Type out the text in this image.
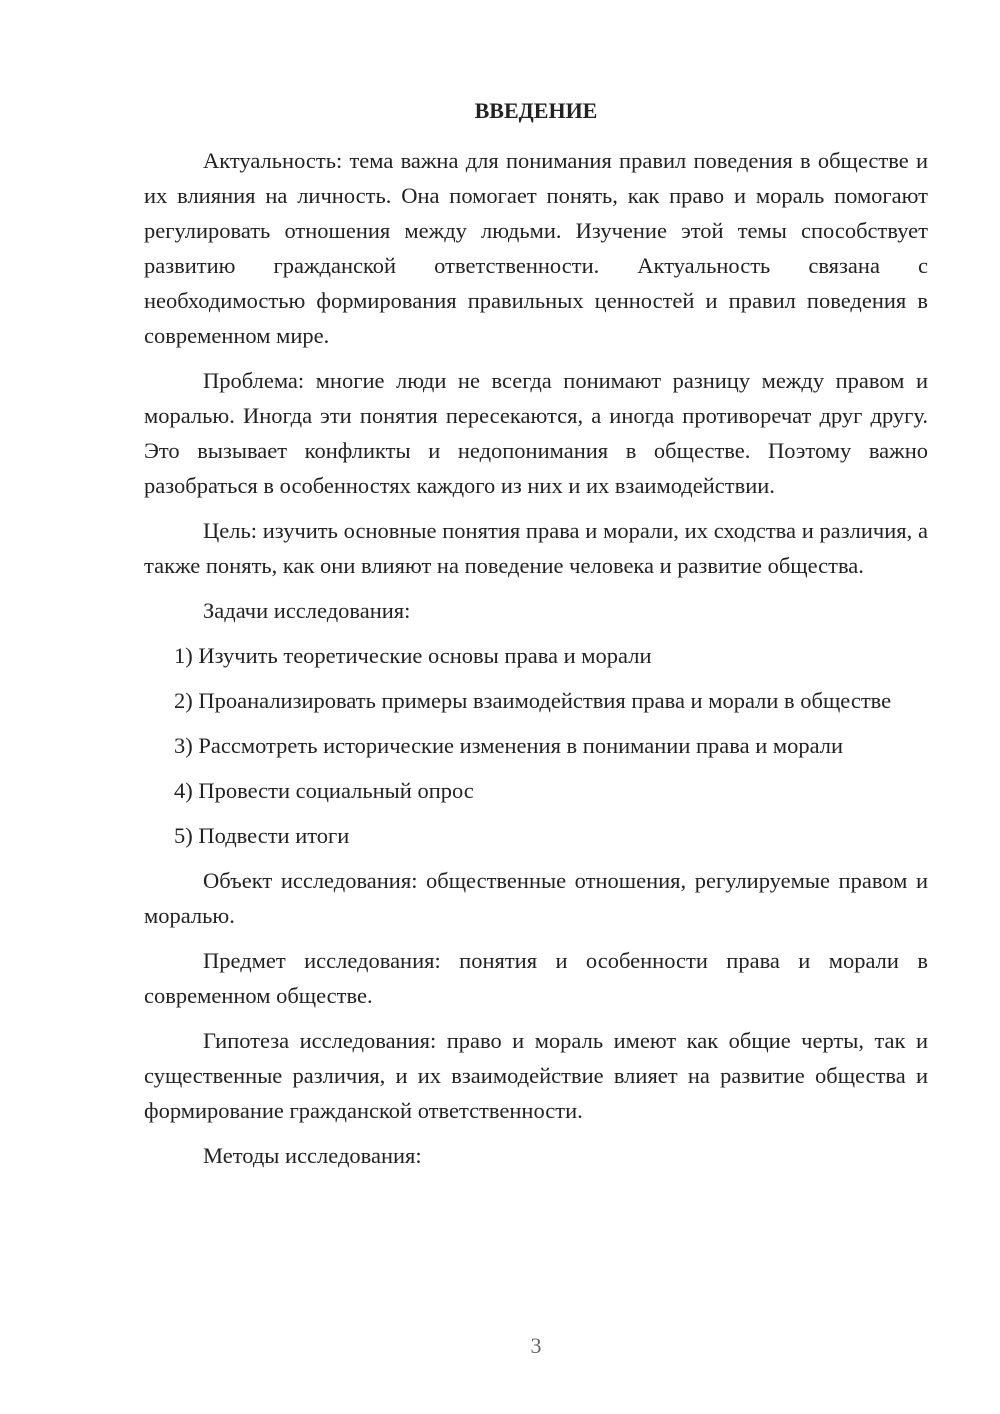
ВВЕДЕНИЕ

Актуальность: тема важна для понимания правил поведения в обществе и их влияния на личность. Она помогает понять, как право и мораль помогают регулировать отношения между людьми. Изучение этой темы способствует развитию гражданской ответственности. Актуальность связана с необходимостью формирования правильных ценностей и правил поведения в современном мире.

Проблема: многие люди не всегда понимают разницу между правом и моралью. Иногда эти понятия пересекаются, а иногда противоречат друг другу. Это вызывает конфликты и недопонимания в обществе. Поэтому важно разобраться в особенностях каждого из них и их взаимодействии.

Цель: изучить основные понятия права и морали, их сходства и различия, а также понять, как они влияют на поведение человека и развитие общества.

Задачи исследования:

1) Изучить теоретические основы права и морали

2) Проанализировать примеры взаимодействия права и морали в обществе

3) Рассмотреть исторические изменения в понимании права и морали

4) Провести социальный опрос

5) Подвести итоги

Объект исследования: общественные отношения, регулируемые правом и моралью.

Предмет исследования: понятия и особенности права и морали в современном обществе.

Гипотеза исследования: право и мораль имеют как общие черты, так и существенные различия, и их взаимодействие влияет на развитие общества и формирование гражданской ответственности.

Методы исследования:

3
